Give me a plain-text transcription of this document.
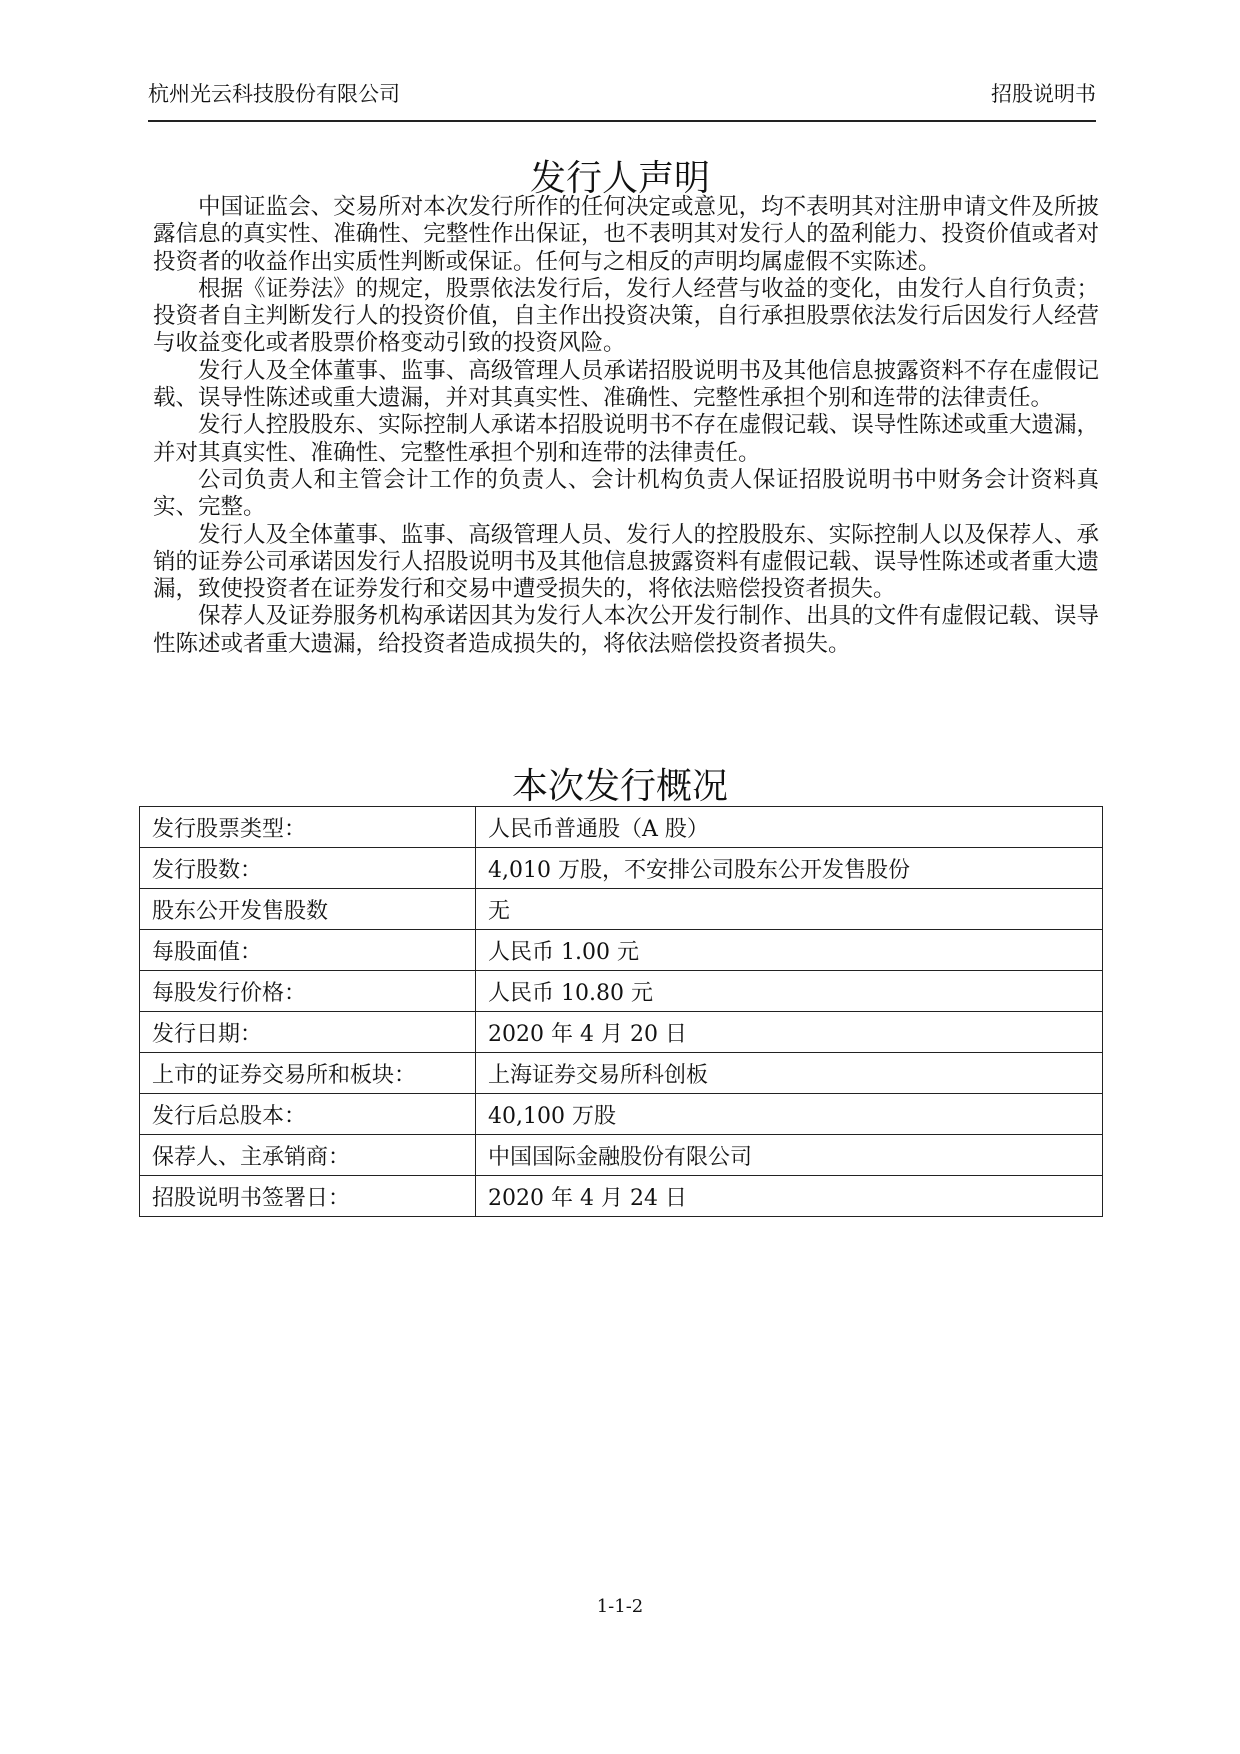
杭州光云科技股份有限公司	招股说明书
发行人声明

中国证监会、交易所对本次发行所作的任何决定或意见，均不表明其对注册申请文件及所披露信息的真实性、准确性、完整性作出保证，也不表明其对发行人的盈利能力、投资价值或者对投资者的收益作出实质性判断或保证。任何与之相反的声明均属虚假不实陈述。

根据《证券法》的规定，股票依法发行后，发行人经营与收益的变化，由发行人自行负责；投资者自主判断发行人的投资价值，自主作出投资决策，自行承担股票依法发行后因发行人经营与收益变化或者股票价格变动引致的投资风险。

发行人及全体董事、监事、高级管理人员承诺招股说明书及其他信息披露资料不存在虚假记载、误导性陈述或重大遗漏，并对其真实性、准确性、完整性承担个别和连带的法律责任。

发行人控股股东、实际控制人承诺本招股说明书不存在虚假记载、误导性陈述或重大遗漏，并对其真实性、准确性、完整性承担个别和连带的法律责任。

公司负责人和主管会计工作的负责人、会计机构负责人保证招股说明书中财务会计资料真实、完整。

发行人及全体董事、监事、高级管理人员、发行人的控股股东、实际控制人以及保荐人、承销的证券公司承诺因发行人招股说明书及其他信息披露资料有虚假记载、误导性陈述或者重大遗漏，致使投资者在证券发行和交易中遭受损失的，将依法赔偿投资者损失。

保荐人及证券服务机构承诺因其为发行人本次公开发行制作、出具的文件有虚假记载、误导性陈述或者重大遗漏，给投资者造成损失的，将依法赔偿投资者损失。

本次发行概况
发行股票类型：	人民币普通股（A 股）
发行股数：	4,010 万股，不安排公司股东公开发售股份
股东公开发售股数	无
每股面值：	人民币 1.00 元
每股发行价格：	人民币 10.80 元
发行日期：	2020 年 4 月 20 日
上市的证券交易所和板块：	上海证券交易所科创板
发行后总股本：	40,100 万股
保荐人、主承销商：	中国国际金融股份有限公司
招股说明书签署日：	2020 年 4 月 24 日
1-1-2
